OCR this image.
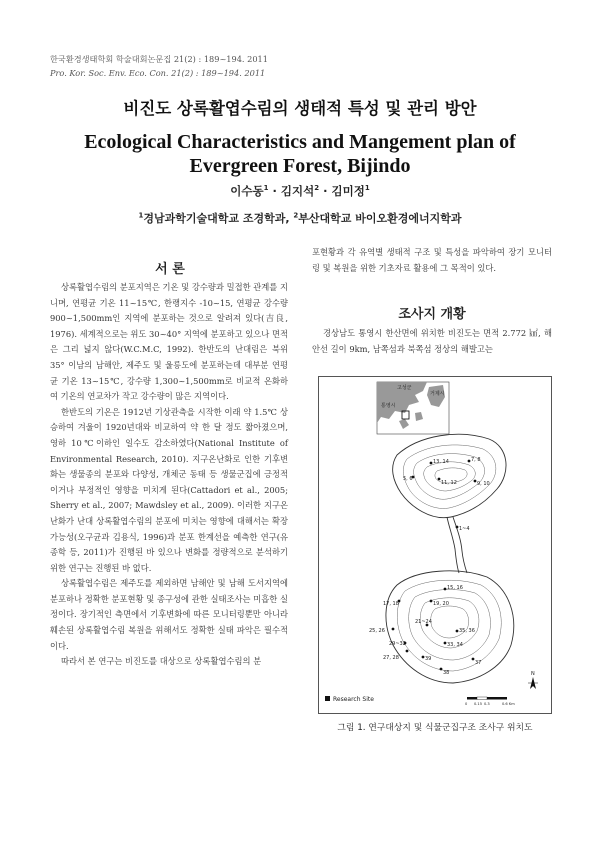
한국환경생태학회 학술대회논문집 21(2) : 189~194. 2011
Pro. Kor. Soc. Env. Eco. Con. 21(2) : 189~194. 2011
비진도 상록활엽수림의 생태적 특성 및 관리 방안
Ecological Characteristics and Mangement plan of Evergreen Forest, Bijindo
이수동$^1$ · 김지석$^2$ · 김미정$^1$
$^1$경남과학기술대학교 조경학과, $^2$부산대학교 바이오환경에너지학과
서 론

상록활엽수림의 분포지역은 기온 및 강수량과 밀접한 관계를 지니며, 연평균 기온 11~15℃, 한랭지수 -10~15, 연평균 강수량 900~1,500mm인 지역에 분포하는 것으로 알려져 있다(吉良, 1976). 세계적으로는 위도 30~40° 지역에 분포하고 있으나 면적은 그리 넓지 않다(W.C.M.C, 1992). 한반도의 난대림은 북위 35° 이남의 남해안, 제주도 및 울릉도에 분포하는데 대부분 연평균 기온 13~15℃, 강수량 1,300~1,500mm로 비교적 온화하여 기온의 연교차가 작고 강수량이 많은 지역이다.

한반도의 기온은 1912년 기상관측을 시작한 이래 약 1.5℃ 상승하여 겨울이 1920년대와 비교하여 약 한 달 정도 짧아졌으며, 영하 10℃이하인 일수도 감소하였다(National Institute of Environmental Research, 2010). 지구온난화로 인한 기후변화는 생물종의 분포와 다양성, 개체군 동태 등 생물군집에 긍정적이거나 부정적인 영향을 미치게 된다(Cattadori et al., 2005; Sherry et al., 2007; Mawdsley et al., 2009). 이러한 지구온난화가 난대 상록활엽수림의 분포에 미치는 영향에 대해서는 확장 가능성(오구균과 김용식, 1996)과 분포 한계선을 예측한 연구(유종학 등, 2011)가 진행된 바 있으나 변화를 정량적으로 분석하기 위한 연구는 진행된 바 없다.

상록활엽수림은 제주도를 제외하면 남해안 및 남해 도서지역에 분포하나 정확한 분포현황 및 종구성에 관한 실태조사는 미흡한 실정이다. 장기적인 측면에서 기후변화에 따른 모니터링뿐만 아니라 훼손된 상록활엽수림 복원을 위해서도 정확한 실태 파악은 필수적이다.

따라서 본 연구는 비진도를 대상으로 상록활엽수림의 분

포현황과 각 유역별 생태적 구조 및 특성을 파악하여 장기 모니터링 및 복원을 위한 기초자료 활용에 그 목적이 있다.

조사지 개황

경상남도 통영시 한산면에 위치한 비진도는 면적 2.772 ㎢, 해안선 길이 9km, 남쪽섬과 북쪽섬 정상의 해발고는

고성군
거제시
통영시
13, 14	7, 8
5, 6
11, 12	9, 10
1~4
15, 16
17, 18	19, 20
21~24
25, 26	35, 36
29~32	33, 34
27, 28	39
37
38
Research Site
0 0.15 0.3	0.6 Km
N
그림 1. 연구대상지 및 식물군집구조 조사구 위치도
